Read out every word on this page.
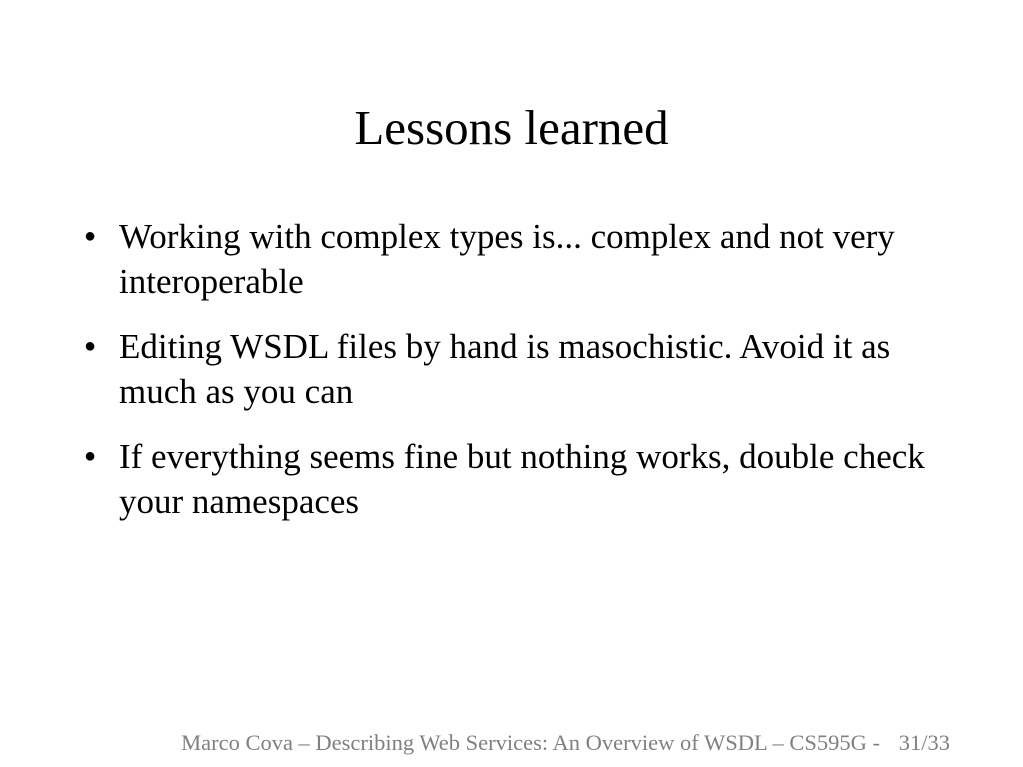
Lessons learned
● Working with complex types is... complex and not very interoperable
● Editing WSDL files by hand is masochistic. Avoid it as much as you can
● If everything seems fine but nothing works, double check your namespaces
Marco Cova – Describing Web Services: An Overview of WSDL – CS595G - 31/33
